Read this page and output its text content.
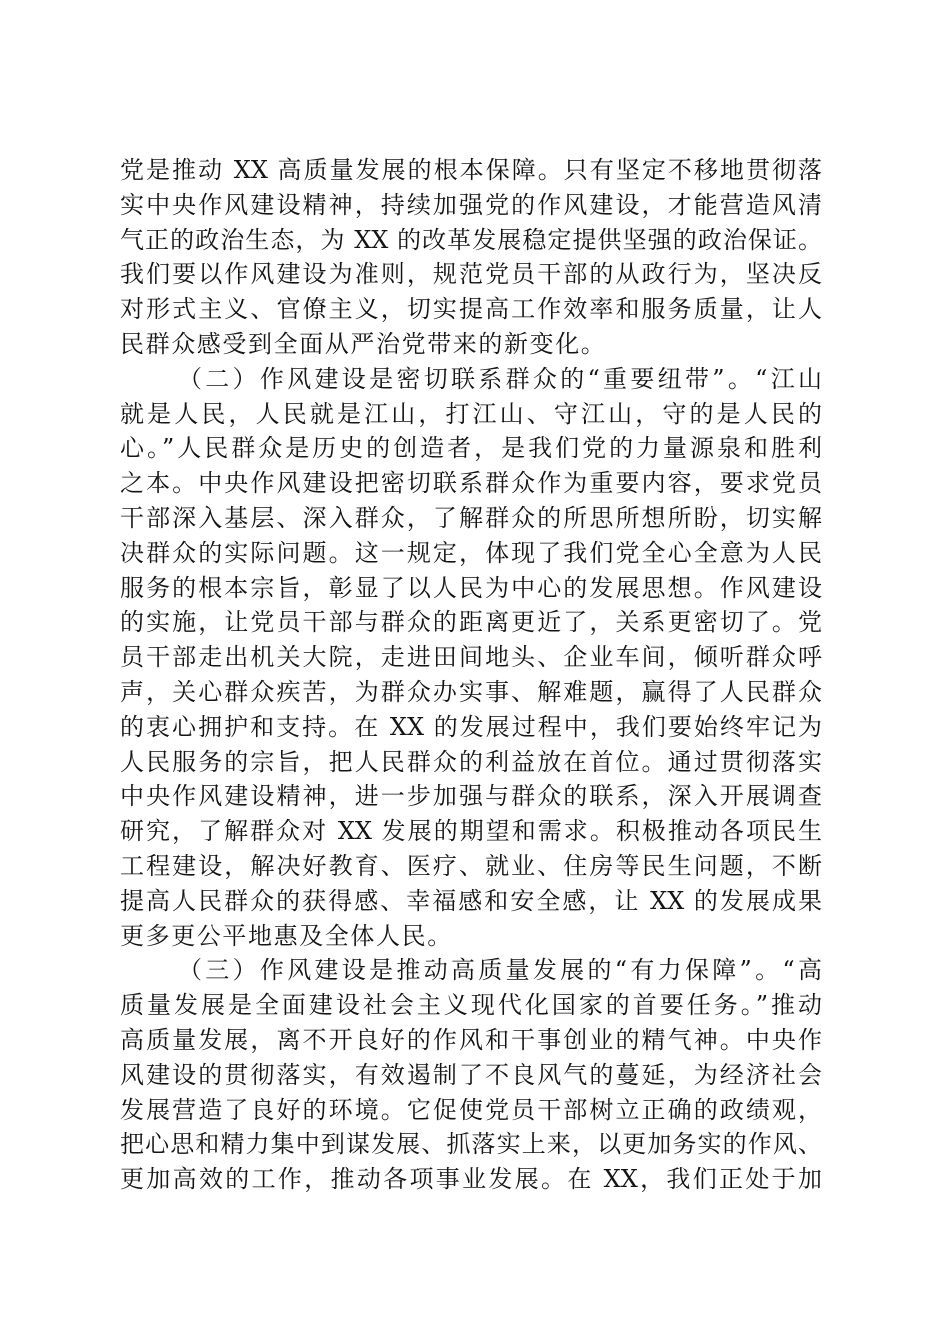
党是推动 XX 高质量发展的根本保障。只有坚定不移地贯彻落
实中央作风建设精神，持续加强党的作风建设，才能营造风清
气正的政治生态，为 XX 的改革发展稳定提供坚强的政治保证。
我们要以作风建设为准则，规范党员干部的从政行为，坚决反
对形式主义、官僚主义，切实提高工作效率和服务质量，让人
民群众感受到全面从严治党带来的新变化。
（二）作风建设是密切联系群众的“重要纽带”。“江山
就是人民，人民就是江山，打江山、守江山，守的是人民的
心。”人民群众是历史的创造者，是我们党的力量源泉和胜利
之本。中央作风建设把密切联系群众作为重要内容，要求党员
干部深入基层、深入群众，了解群众的所思所想所盼，切实解
决群众的实际问题。这一规定，体现了我们党全心全意为人民
服务的根本宗旨，彰显了以人民为中心的发展思想。作风建设
的实施，让党员干部与群众的距离更近了，关系更密切了。党
员干部走出机关大院，走进田间地头、企业车间，倾听群众呼
声，关心群众疾苦，为群众办实事、解难题，赢得了人民群众
的衷心拥护和支持。在 XX 的发展过程中，我们要始终牢记为
人民服务的宗旨，把人民群众的利益放在首位。通过贯彻落实
中央作风建设精神，进一步加强与群众的联系，深入开展调查
研究，了解群众对 XX 发展的期望和需求。积极推动各项民生
工程建设，解决好教育、医疗、就业、住房等民生问题，不断
提高人民群众的获得感、幸福感和安全感，让 XX 的发展成果
更多更公平地惠及全体人民。
（三）作风建设是推动高质量发展的“有力保障”。“高
质量发展是全面建设社会主义现代化国家的首要任务。”推动
高质量发展，离不开良好的作风和干事创业的精气神。中央作
风建设的贯彻落实，有效遏制了不良风气的蔓延，为经济社会
发展营造了良好的环境。它促使党员干部树立正确的政绩观，
把心思和精力集中到谋发展、抓落实上来，以更加务实的作风、
更加高效的工作，推动各项事业发展。在 XX，我们正处于加
